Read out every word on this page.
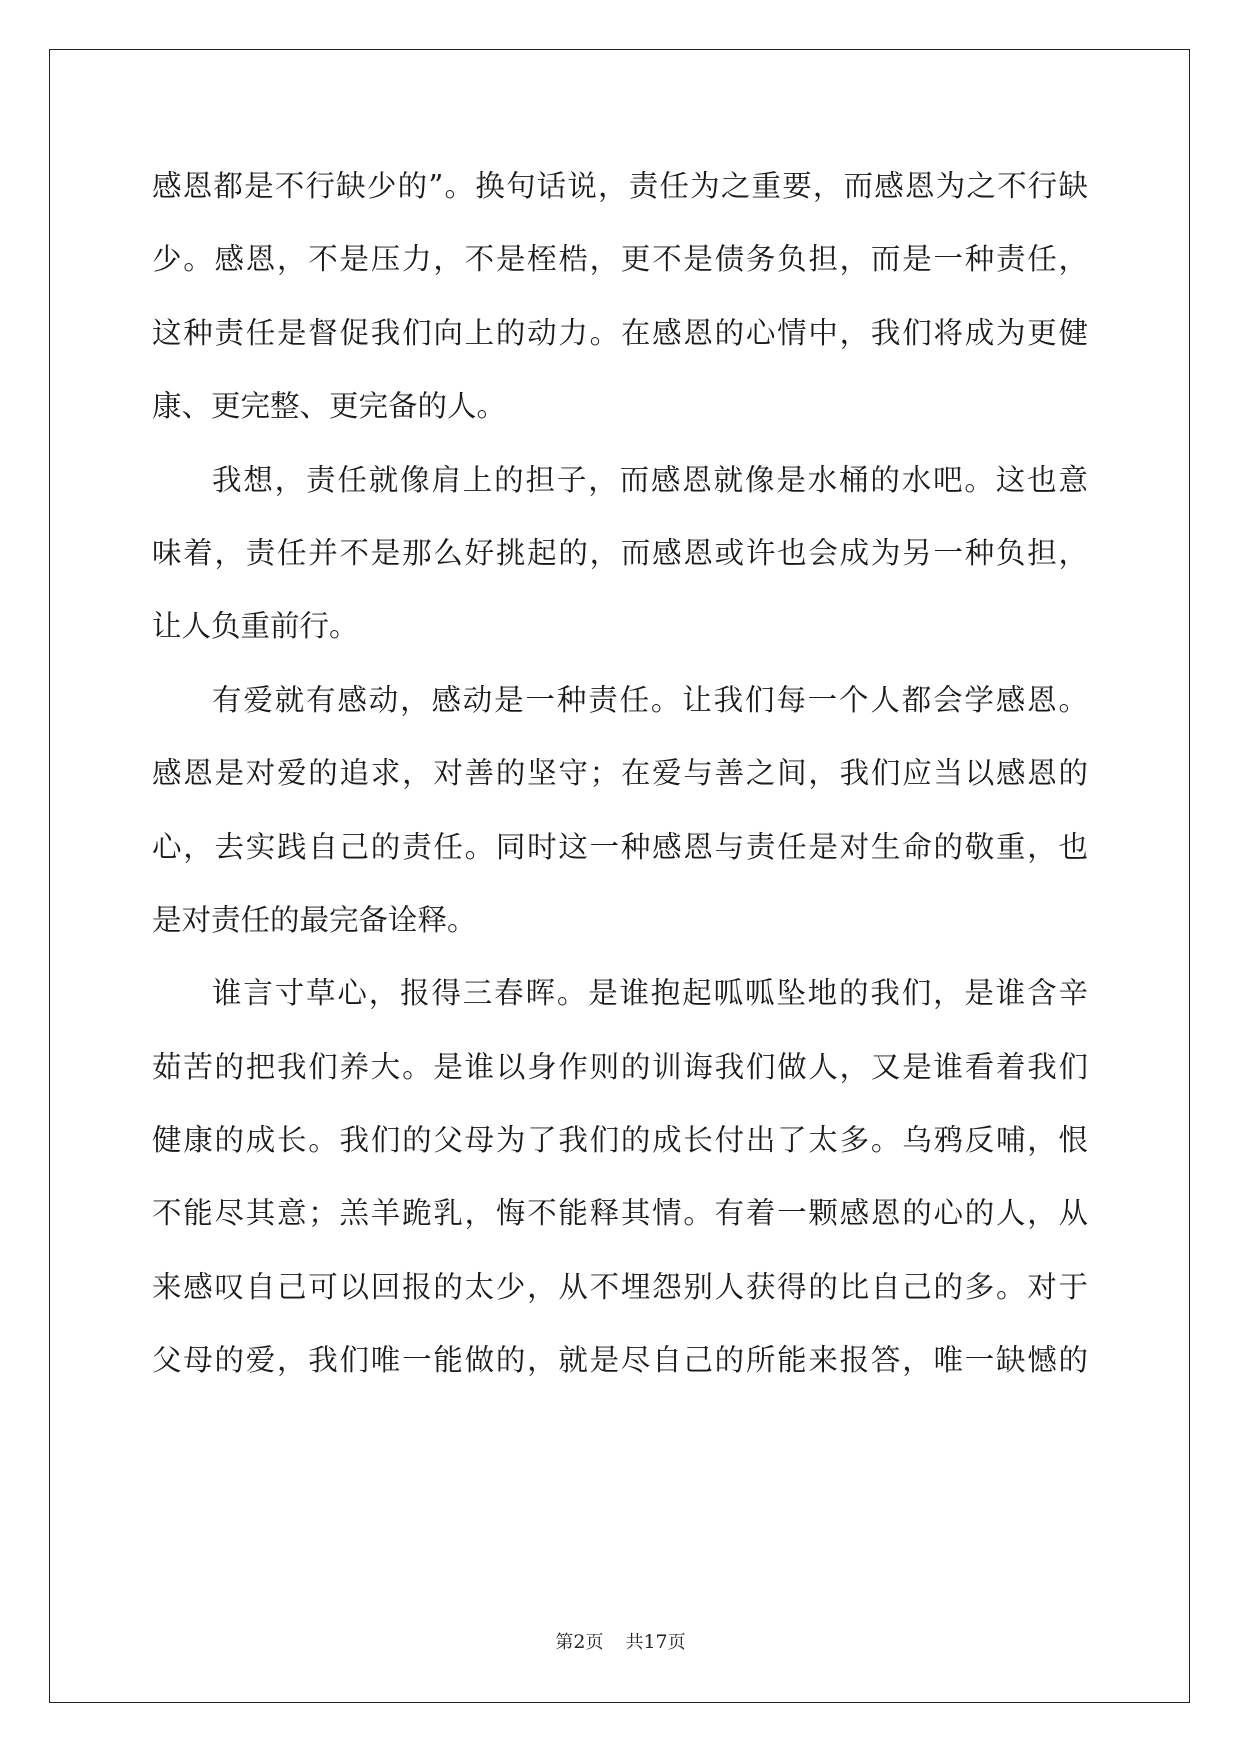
感恩都是不行缺少的”。换句话说，责任为之重要，而感恩为之不行缺
少。感恩，不是压力，不是桎梏，更不是债务负担，而是一种责任，
这种责任是督促我们向上的动力。在感恩的心情中，我们将成为更健
康、更完整、更完备的人。
我想，责任就像肩上的担子，而感恩就像是水桶的水吧。这也意
味着，责任并不是那么好挑起的，而感恩或许也会成为另一种负担，
让人负重前行。
有爱就有感动，感动是一种责任。让我们每一个人都会学感恩。
感恩是对爱的追求，对善的坚守；在爱与善之间，我们应当以感恩的
心，去实践自己的责任。同时这一种感恩与责任是对生命的敬重，也
是对责任的最完备诠释。
谁言寸草心，报得三春晖。是谁抱起呱呱坠地的我们，是谁含辛
茹苦的把我们养大。是谁以身作则的训诲我们做人，又是谁看着我们
健康的成长。我们的父母为了我们的成长付出了太多。乌鸦反哺，恨
不能尽其意；羔羊跪乳，悔不能释其情。有着一颗感恩的心的人，从
来感叹自己可以回报的太少，从不埋怨别人获得的比自己的多。对于
父母的爱，我们唯一能做的，就是尽自己的所能来报答，唯一缺憾的
第2页 共17页
